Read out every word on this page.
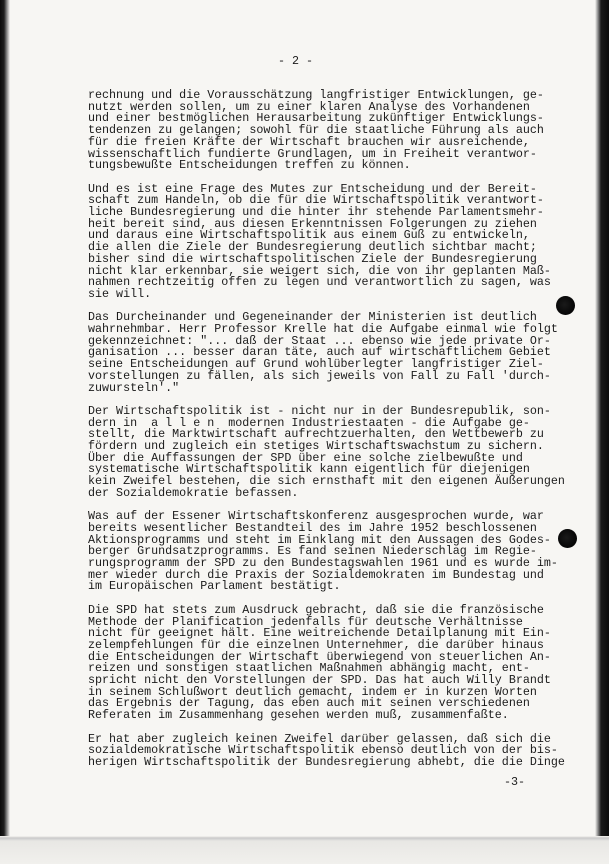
- 2 -

rechnung und die Vorausschätzung langfristiger Entwicklungen, ge-
nutzt werden sollen, um zu einer klaren Analyse des Vorhandenen
und einer bestmöglichen Herausarbeitung zukünftiger Entwicklungs-
tendenzen zu gelangen; sowohl für die staatliche Führung als auch
für die freien Kräfte der Wirtschaft brauchen wir ausreichende,
wissenschaftlich fundierte Grundlagen, um in Freiheit verantwor-
tungsbewußte Entscheidungen treffen zu können.

Und es ist eine Frage des Mutes zur Entscheidung und der Bereit-
schaft zum Handeln, ob die für die Wirtschaftspolitik verantwort-
liche Bundesregierung und die hinter ihr stehende Parlamentsmehr-
heit bereit sind, aus diesen Erkenntnissen Folgerungen zu ziehen
und daraus eine Wirtschaftspolitik aus einem Guß zu entwickeln,
die allen die Ziele der Bundesregierung deutlich sichtbar macht;
bisher sind die wirtschaftspolitischen Ziele der Bundesregierung
nicht klar erkennbar, sie weigert sich, die von ihr geplanten Maß-
nahmen rechtzeitig offen zu legen und verantwortlich zu sagen, was
sie will.

Das Durcheinander und Gegeneinander der Ministerien ist deutlich
wahrnehmbar. Herr Professor Krelle hat die Aufgabe einmal wie folgt
gekennzeichnet: "... daß der Staat ... ebenso wie jede private Or-
ganisation ... besser daran täte, auch auf wirtschaftlichem Gebiet
seine Entscheidungen auf Grund wohlüberlegter langfristiger Ziel-
vorstellungen zu fällen, als sich jeweils von Fall zu Fall 'durch-
zuwursteln'."

Der Wirtschaftspolitik ist - nicht nur in der Bundesrepublik, son-
dern in  a l l e n  modernen Industriestaaten - die Aufgabe ge-
stellt, die Marktwirtschaft aufrechtzuerhalten, den Wettbewerb zu
fördern und zugleich ein stetiges Wirtschaftswachstum zu sichern.
Über die Auffassungen der SPD über eine solche zielbewußte und
systematische Wirtschaftspolitik kann eigentlich für diejenigen
kein Zweifel bestehen, die sich ernsthaft mit den eigenen Äußerungen
der Sozialdemokratie befassen.

Was auf der Essener Wirtschaftskonferenz ausgesprochen wurde, war
bereits wesentlicher Bestandteil des im Jahre 1952 beschlossenen
Aktionsprogramms und steht im Einklang mit den Aussagen des Godes-
berger Grundsatzprogramms. Es fand seinen Niederschlag im Regie-
rungsprogramm der SPD zu den Bundestagswahlen 1961 und es wurde im-
mer wieder durch die Praxis der Sozialdemokraten im Bundestag und
im Europäischen Parlament bestätigt.

Die SPD hat stets zum Ausdruck gebracht, daß sie die französische
Methode der Planification jedenfalls für deutsche Verhältnisse
nicht für geeignet hält. Eine weitreichende Detailplanung mit Ein-
zelempfehlungen für die einzelnen Unternehmer, die darüber hinaus
die Entscheidungen der Wirtschaft überwiegend von steuerlichen An-
reizen und sonstigen staatlichen Maßnahmen abhängig macht, ent-
spricht nicht den Vorstellungen der SPD. Das hat auch Willy Brandt
in seinem Schlußwort deutlich gemacht, indem er in kurzen Worten
das Ergebnis der Tagung, das eben auch mit seinen verschiedenen
Referaten im Zusammenhang gesehen werden muß, zusammenfaßte.

Er hat aber zugleich keinen Zweifel darüber gelassen, daß sich die
sozialdemokratische Wirtschaftspolitik ebenso deutlich von der bis-
herigen Wirtschaftspolitik der Bundesregierung abhebt, die die Dinge

-3-
